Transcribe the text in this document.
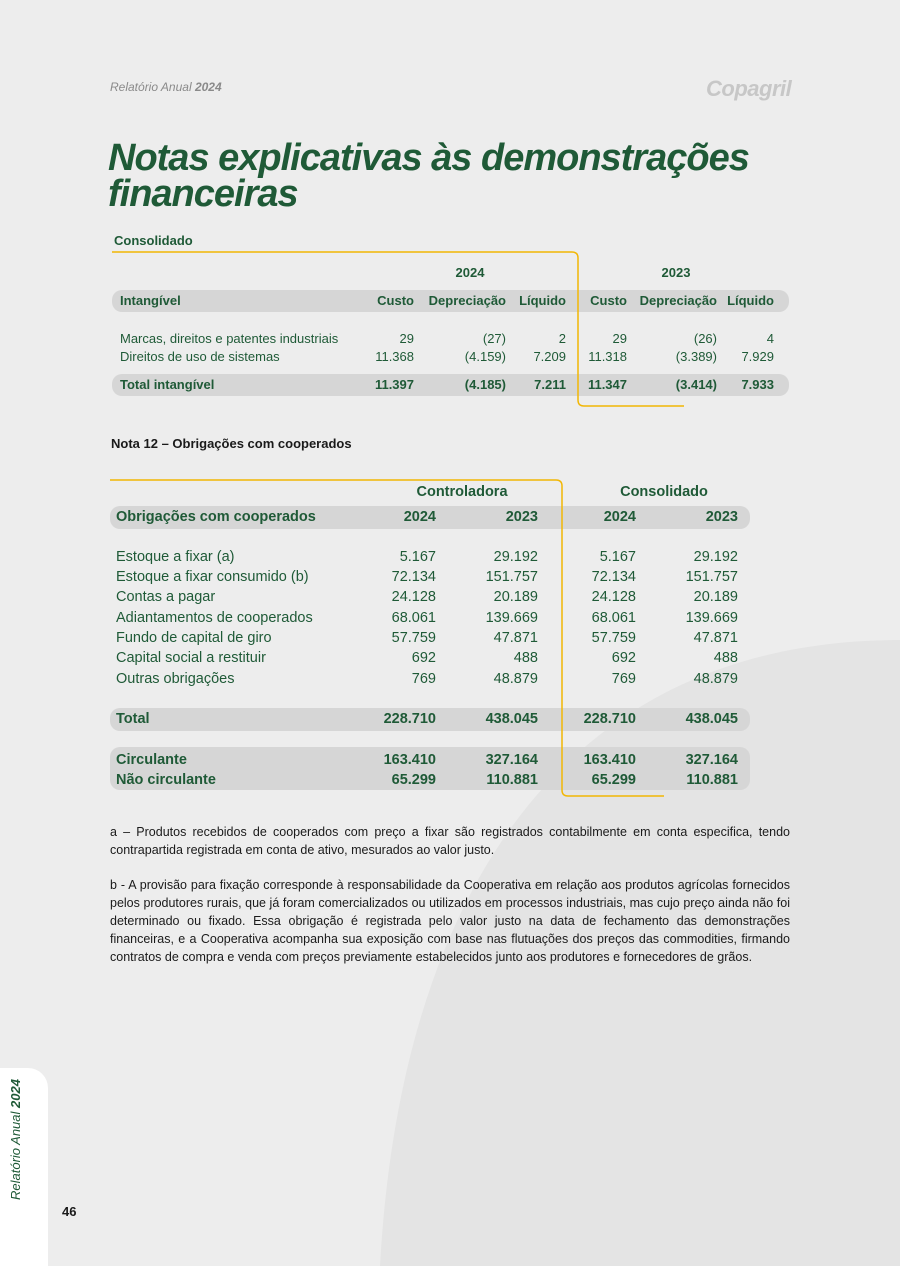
Relatório Anual 2024	Copagril
Notas explicativas às demonstrações financeiras
Consolidado
2024	2023
Intangível	Custo	Depreciação	Líquido	Custo Depreciação Líquido
Marcas, direitos e patentes industriais	29	(27)	2	29	(26)	4
Direitos de uso de sistemas	11.368	(4.159)	7.209	11.318	(3.389)	7.929
Total intangível	11.397	(4.185)	7.211	11.347	(3.414)	7.933
Nota 12 – Obrigações com cooperados
Controladora	Consolidado
Obrigações com cooperados	2024	2023	2024	2023
Estoque a fixar (a)	5.167	29.192	5.167	29.192
Estoque a fixar consumido (b)	72.134	151.757	72.134	151.757
Contas a pagar	24.128	20.189	24.128	20.189
Adiantamentos de cooperados	68.061	139.669	68.061	139.669
Fundo de capital de giro	57.759	47.871	57.759	47.871
Capital social a restituir	692	488	692	488
Outras obrigações	769	48.879	769	48.879
Total	228.710	438.045	228.710	438.045
Circulante	163.410	327.164	163.410	327.164
Não circulante	65.299	110.881	65.299	110.881
a – Produtos recebidos de cooperados com preço a fixar são registrados contabilmente em conta especifica, tendo contrapartida registrada em conta de ativo, mesurados ao valor justo.
b - A provisão para fixação corresponde à responsabilidade da Cooperativa em relação aos produtos agrícolas fornecidos pelos produtores rurais, que já foram comercializados ou utilizados em processos industriais, mas cujo preço ainda não foi determinado ou fixado. Essa obrigação é registrada pelo valor justo na data de fechamento das demonstrações financeiras, e a Cooperativa acompanha sua exposição com base nas flutuações dos preços das commodities, firmando contratos de compra e venda com preços previamente estabelecidos junto aos produtores e fornecedores de grãos.
Relatório Anual 2024
46
